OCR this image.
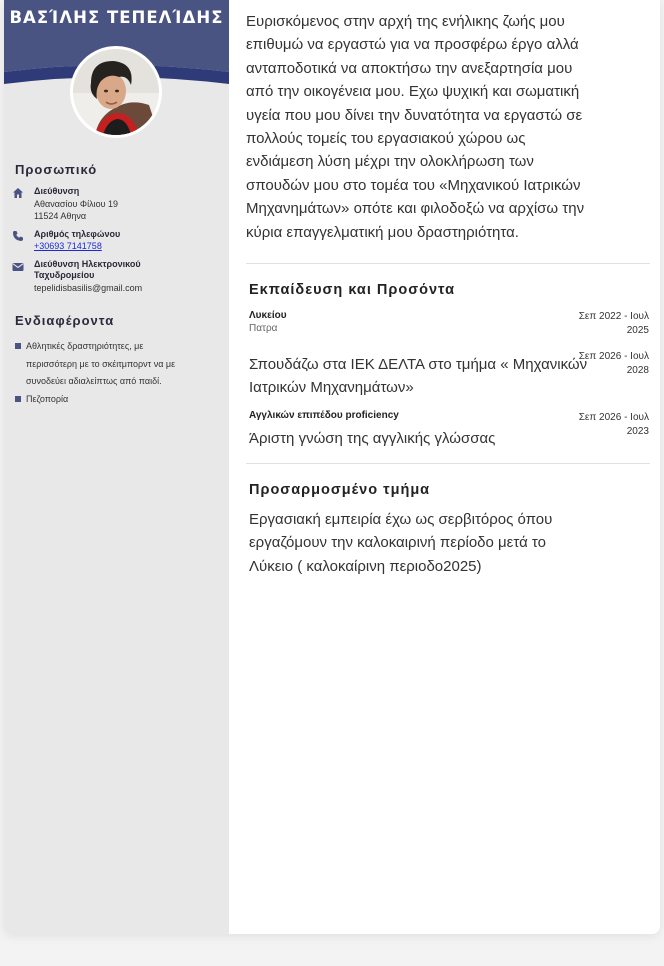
ΒΑΣΊΛΗΣ ΤΕΠΕΛΊΔΗΣ
Προσωπικό
Διεύθυνση
Αθανασίου Φίλιου 19
11524 Αθηνα
Αριθμός τηλεφώνου
+30693 7141758
Διεύθυνση Ηλεκτρονικού
Ταχυδρομείου
tepelidisbasilis@gmail.com
Ενδιαφέροντα
Αθλητικές δραστηριότητες, με
περισσότερη με το σκέιτμπορντ να με
συνοδεύει αδιαλείπτως από παιδί.
Πεζοπορία
Ευρισκόμενος στην αρχή της ενήλικης ζωής μου
επιθυμώ να εργαστώ για να προσφέρω έργο αλλά
ανταποδοτικά να αποκτήσω την ανεξαρτησία μου
από την οικογένεια μου. Εχω ψυχική και σωματική
υγεία που μου δίνει την δυνατότητα να εργαστώ σε
πολλούς τομείς του εργασιακού χώρου ως
ενδιάμεση λύση μέχρι την ολοκλήρωση των
σπουδών μου στο τομέα του «Μηχανικού Ιατρικών
Μηχανημάτων» οπότε και φιλοδοξώ να αρχίσω την
κύρια επαγγελματική μου δραστηριότητα.
Εκπαίδευση και Προσόντα
Λυκείου
Πατρα
Σεπ 2022 - Ιουλ
2025
Σεπ 2026 - Ιουλ
2028
Σπουδάζω στα ΙΕΚ ΔΕΛΤΑ στο τμήμα « Μηχανικών
Ιατρικών Μηχανημάτων»
Αγγλικών επιπέδου proficiency	Σεπ 2026 - Ιουλ
2023
Άριστη γνώση της αγγλικής γλώσσας
Προσαρμοσμένο τμήμα
Εργασιακή εμπειρία έχω ως σερβιτόρος όπου
εργαζόμουν την καλοκαιρινή περίοδο μετά το
Λύκειο ( καλοκαίρινη περιοδο2025)
